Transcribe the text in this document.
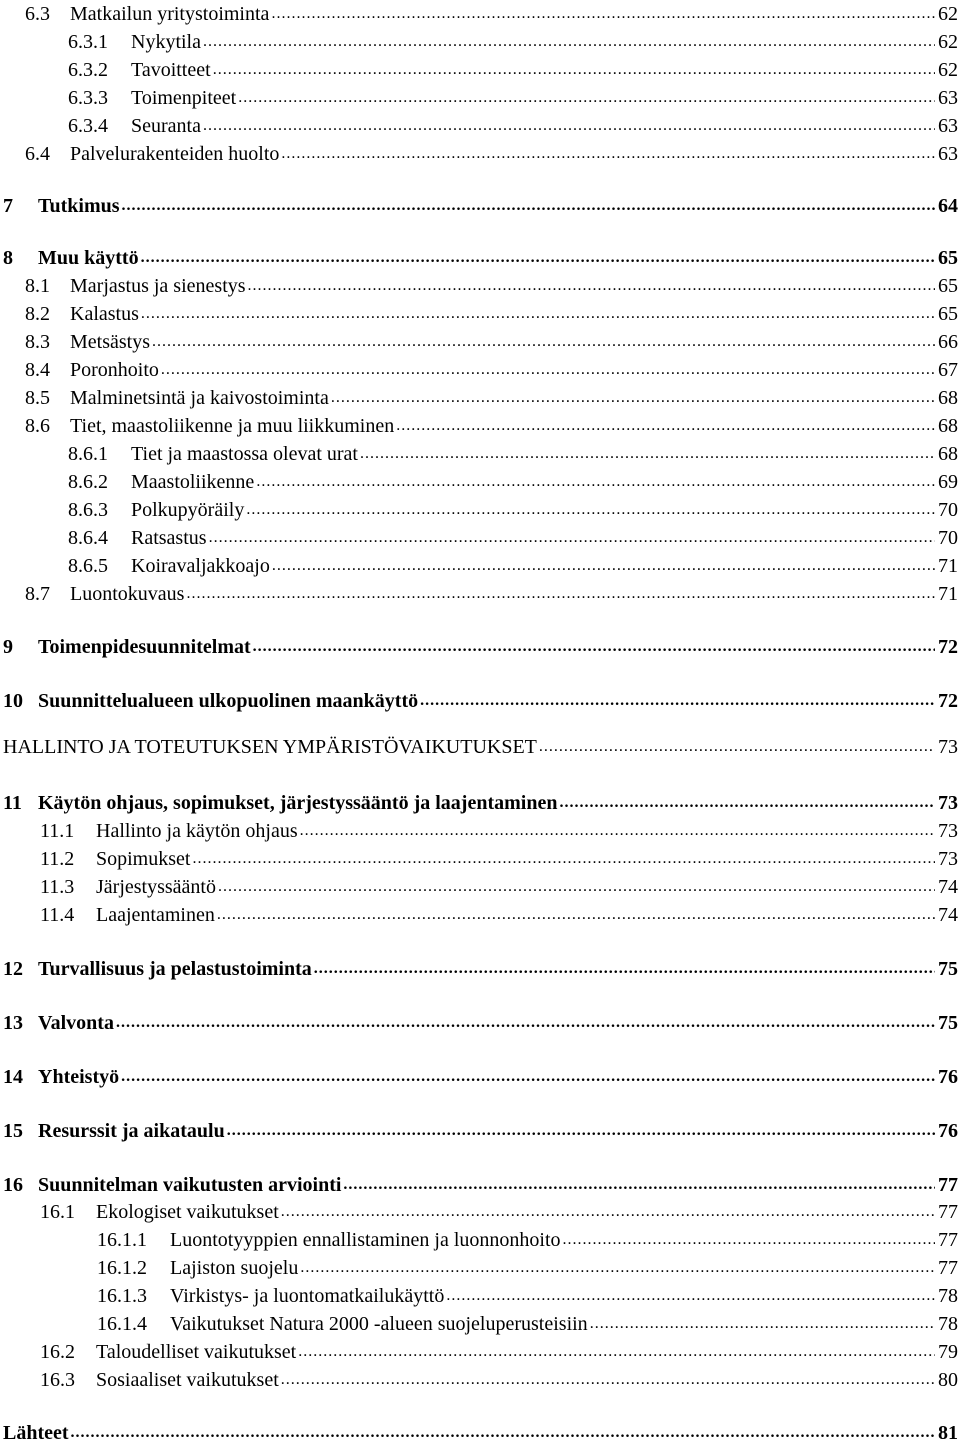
6.3	Matkailun yritystoiminta .....	62
6.3.1	Nykytila .....	62
6.3.2	Tavoitteet .....	62
6.3.3	Toimenpiteet .....	63
6.3.4	Seuranta .....	63
6.4	Palvelurakenteiden huolto .....	63
7	Tutkimus .....	64
8	Muu käyttö .....	65
8.1	Marjastus ja sienestys .....	65
8.2	Kalastus .....	65
8.3	Metsästys .....	66
8.4	Poronhoito .....	67
8.5	Malminetsintä ja kaivostoiminta .....	68
8.6	Tiet, maastoliikenne ja muu liikkuminen .....	68
8.6.1	Tiet ja maastossa olevat urat .....	68
8.6.2	Maastoliikenne .....	69
8.6.3	Polkupyöräily .....	70
8.6.4	Ratsastus .....	70
8.6.5	Koiravaljakkoajo .....	71
8.7	Luontokuvaus .....	71
9	Toimenpidesuunnitelmat .....	72
10 Suunnittelualueen ulkopuolinen maankäyttö .....	72
HALLINTO JA TOTEUTUKSEN YMPÄRISTÖVAIKUTUKSET .....	73
11 Käytön ohjaus, sopimukset, järjestyssääntö ja laajentaminen .....	73
11.1	Hallinto ja käytön ohjaus .....	73
11.2	Sopimukset .....	73
11.3	Järjestyssääntö .....	74
11.4	Laajentaminen .....	74
12 Turvallisuus ja pelastustoiminta .....	75
13 Valvonta .....	75
14 Yhteistyö .....	76
15 Resurssit ja aikataulu .....	76
16 Suunnitelman vaikutusten arviointi .....	77
16.1	Ekologiset vaikutukset .....	77
16.1.1	Luontotyyppien ennallistaminen ja luonnonhoito .....	77
16.1.2	Lajiston suojelu .....	77
16.1.3	Virkistys- ja luontomatkailukäyttö .....	78
16.1.4	Vaikutukset Natura 2000 -alueen suojeluperusteisiin .....	78
16.2	Taloudelliset vaikutukset .....	79
16.3	Sosiaaliset vaikutukset .....	80
Lähteet .....	81
